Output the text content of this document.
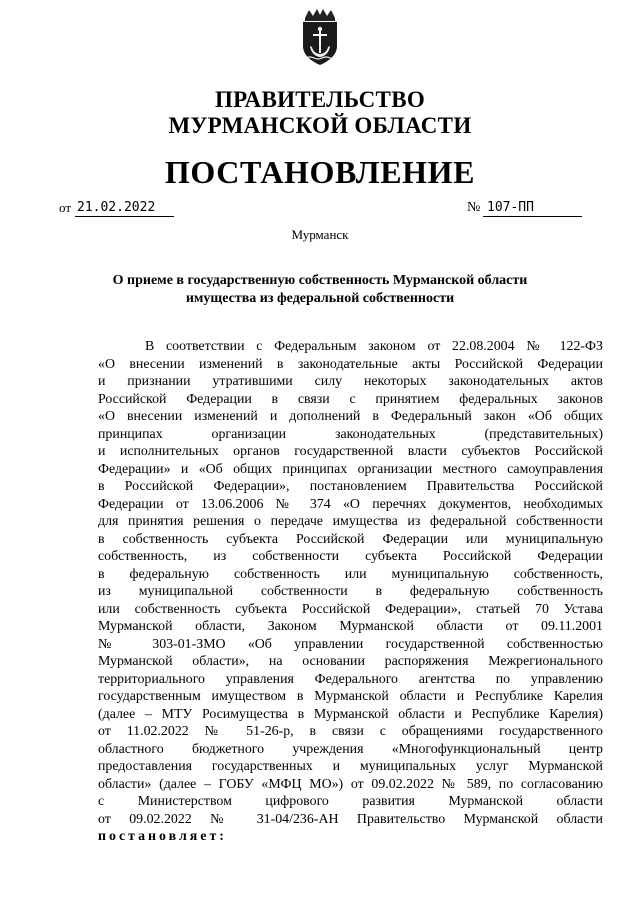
ПРАВИТЕЛЬСТВО
МУРМАНСКОЙ ОБЛАСТИ
ПОСТАНОВЛЕНИЕ
от 21.02.2022	№ 107-ПП
Мурманск
О приеме в государственную собственность Мурманской области
имущества из федеральной собственности
В соответствии с Федеральным законом от 22.08.2004 № 122-ФЗ
«О внесении изменений в законодательные акты Российской Федерации
и признании утратившими силу некоторых законодательных актов
Российской Федерации в связи с принятием федеральных законов
«О внесении изменений и дополнений в Федеральный закон «Об общих
принципах организации законодательных (представительных)
и исполнительных органов государственной власти субъектов Российской
Федерации» и «Об общих принципах организации местного самоуправления
в Российской Федерации», постановлением Правительства Российской
Федерации от 13.06.2006 № 374 «О перечнях документов, необходимых
для принятия решения о передаче имущества из федеральной собственности
в собственность субъекта Российской Федерации или муниципальную
собственность, из собственности субъекта Российской Федерации
в федеральную собственность или муниципальную собственность,
из муниципальной собственности в федеральную собственность
или собственность субъекта Российской Федерации», статьей 70 Устава
Мурманской области, Законом Мурманской области от 09.11.2001
№ 303-01-ЗМО «Об управлении государственной собственностью
Мурманской области», на основании распоряжения Межрегионального
территориального управления Федерального агентства по управлению
государственным имуществом в Мурманской области и Республике Карелия
(далее – МТУ Росимущества в Мурманской области и Республике Карелия)
от 11.02.2022 № 51-26-р, в связи с обращениями государственного
областного бюджетного учреждения «Многофункциональный центр
предоставления государственных и муниципальных услуг Мурманской
области» (далее – ГОБУ «МФЦ МО») от 09.02.2022 № 589, по согласованию
с Министерством цифрового развития Мурманской области
от 09.02.2022 № 31-04/236-АН Правительство Мурманской области
постановляет:
